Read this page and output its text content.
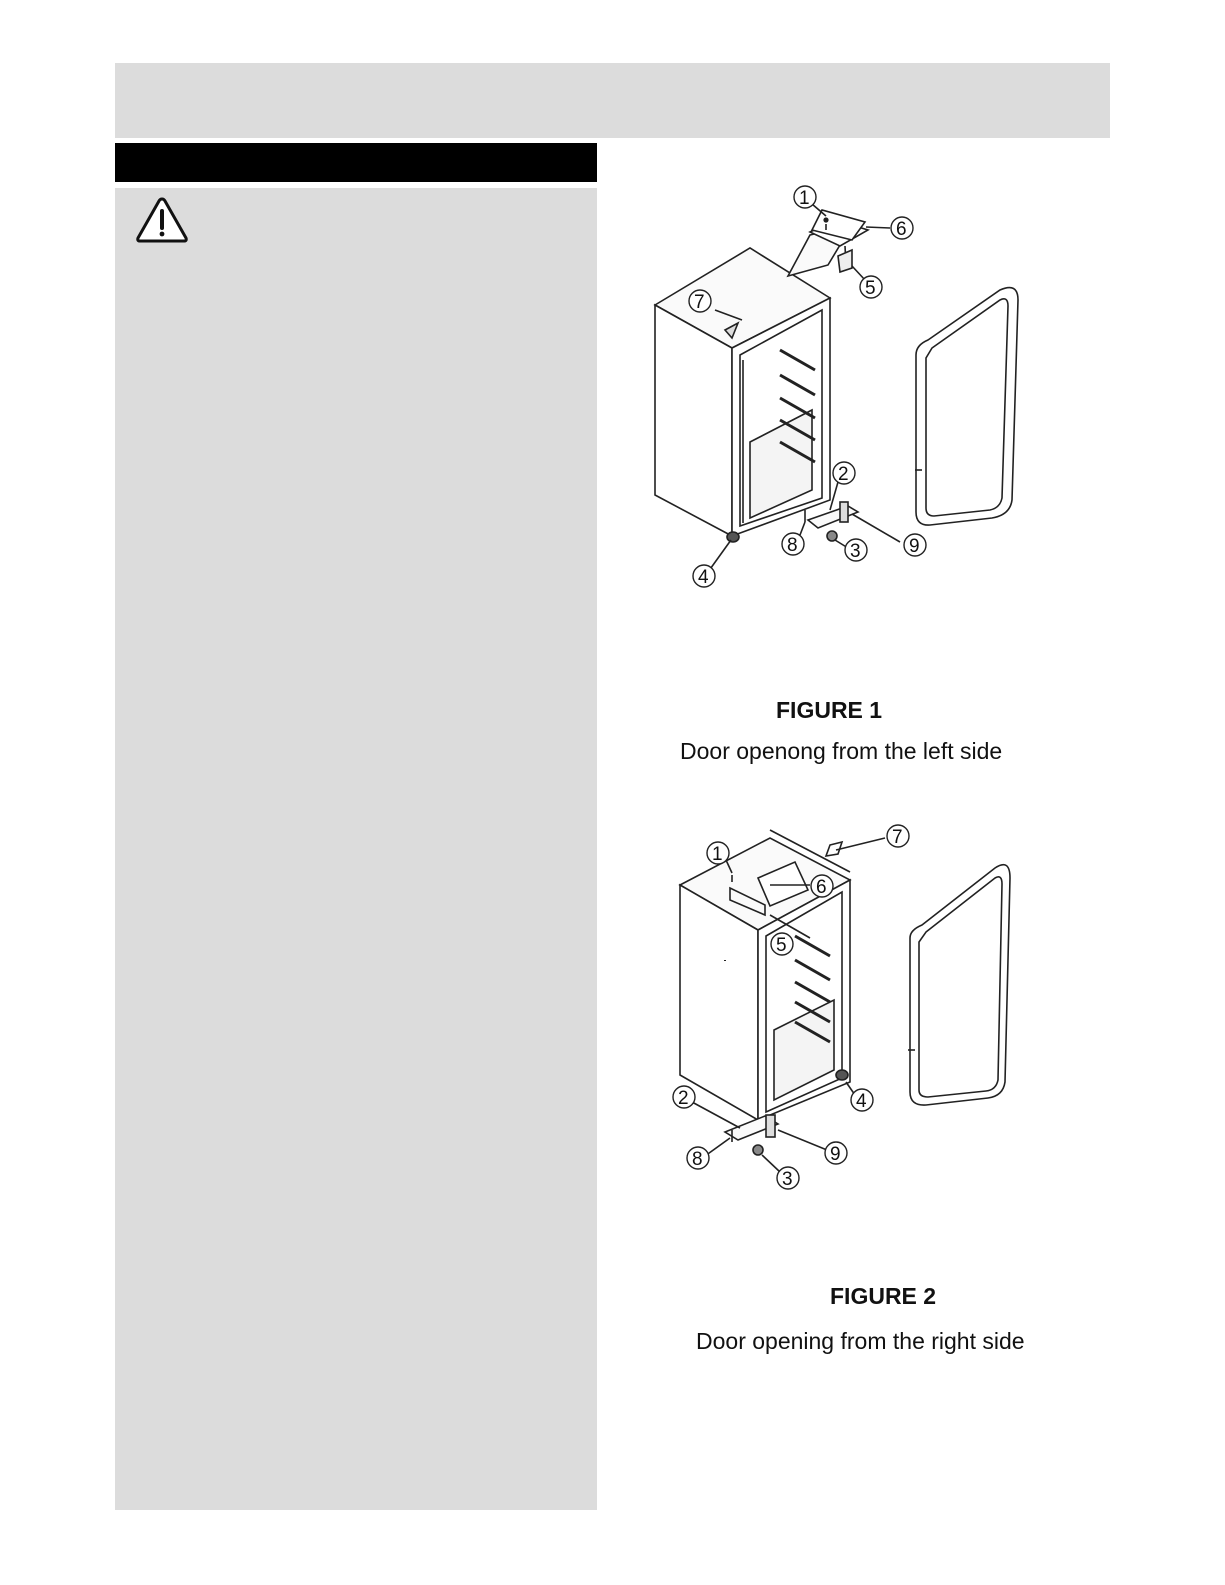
1
6
5
7
2
8	3	9
4
FIGURE 1
Door openong from the left side
1
7
6
5
2	4
8	9
3
FIGURE 2
Door opening from the right side
